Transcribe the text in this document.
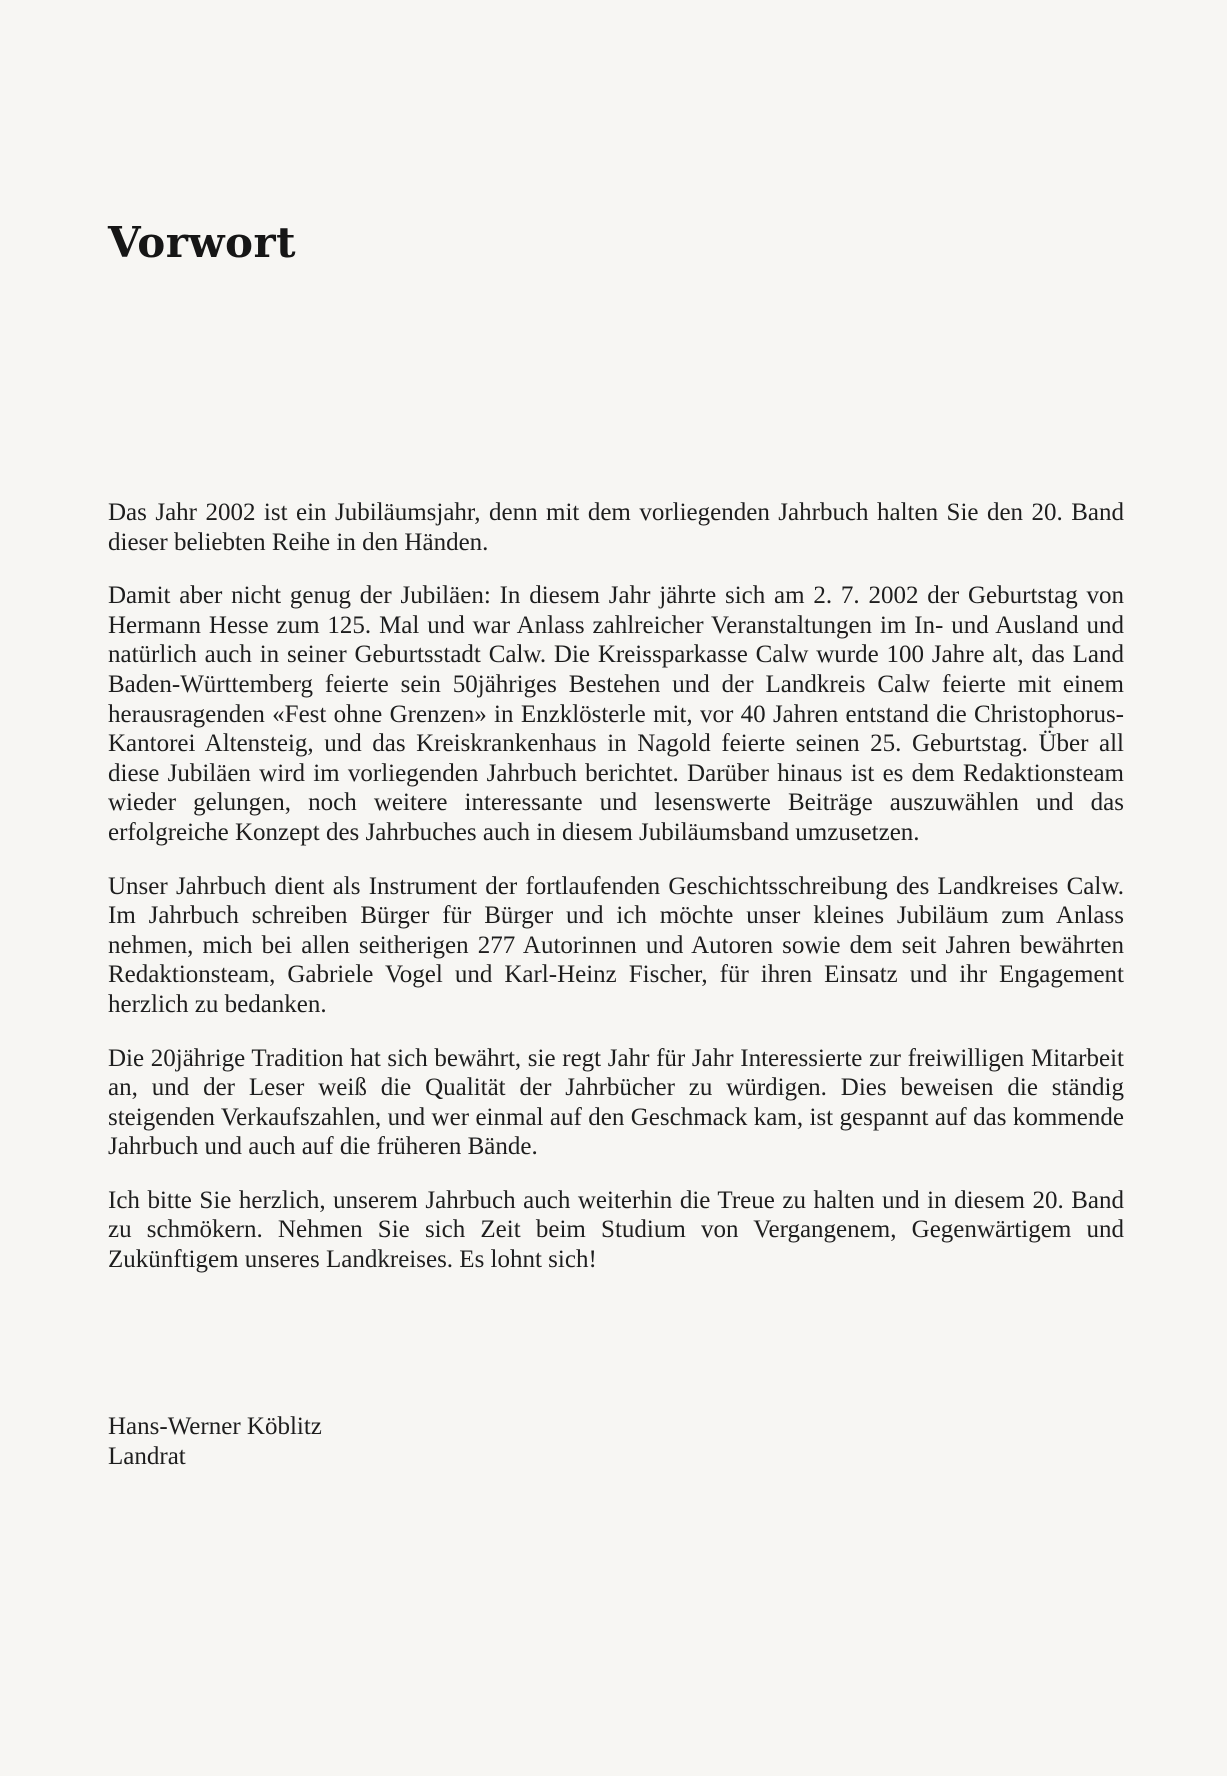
Vorwort

Das Jahr 2002 ist ein Jubiläumsjahr, denn mit dem vorliegenden Jahrbuch halten Sie den 20. Band dieser beliebten Reihe in den Händen.

Damit aber nicht genug der Jubiläen: In diesem Jahr jährte sich am 2. 7. 2002 der Geburtstag von Hermann Hesse zum 125. Mal und war Anlass zahlreicher Veranstaltungen im In- und Ausland und natürlich auch in seiner Geburtsstadt Calw. Die Kreissparkasse Calw wurde 100 Jahre alt, das Land Baden-Württemberg feierte sein 50jähriges Bestehen und der Landkreis Calw feierte mit einem herausragenden «Fest ohne Grenzen» in Enzklösterle mit, vor 40 Jahren entstand die Christophorus-Kantorei Altensteig, und das Kreiskrankenhaus in Nagold feierte seinen 25. Geburtstag. Über all diese Jubiläen wird im vorliegenden Jahrbuch berichtet. Darüber hinaus ist es dem Redaktionsteam wieder gelungen, noch weitere interessante und lesenswerte Beiträge auszuwählen und das erfolgreiche Konzept des Jahrbuches auch in diesem Jubiläumsband umzusetzen.

Unser Jahrbuch dient als Instrument der fortlaufenden Geschichtsschreibung des Landkreises Calw. Im Jahrbuch schreiben Bürger für Bürger und ich möchte unser kleines Jubiläum zum Anlass nehmen, mich bei allen seitherigen 277 Autorinnen und Autoren sowie dem seit Jahren bewährten Redaktionsteam, Gabriele Vogel und Karl-Heinz Fischer, für ihren Einsatz und ihr Engagement herzlich zu bedanken.

Die 20jährige Tradition hat sich bewährt, sie regt Jahr für Jahr Interessierte zur freiwilligen Mitarbeit an, und der Leser weiß die Qualität der Jahrbücher zu würdigen. Dies beweisen die ständig steigenden Verkaufszahlen, und wer einmal auf den Geschmack kam, ist gespannt auf das kommende Jahrbuch und auch auf die früheren Bände.

Ich bitte Sie herzlich, unserem Jahrbuch auch weiterhin die Treue zu halten und in diesem 20. Band zu schmökern. Nehmen Sie sich Zeit beim Studium von Vergangenem, Gegenwärtigem und Zukünftigem unseres Landkreises. Es lohnt sich!

Hans-Werner Köblitz
Landrat
